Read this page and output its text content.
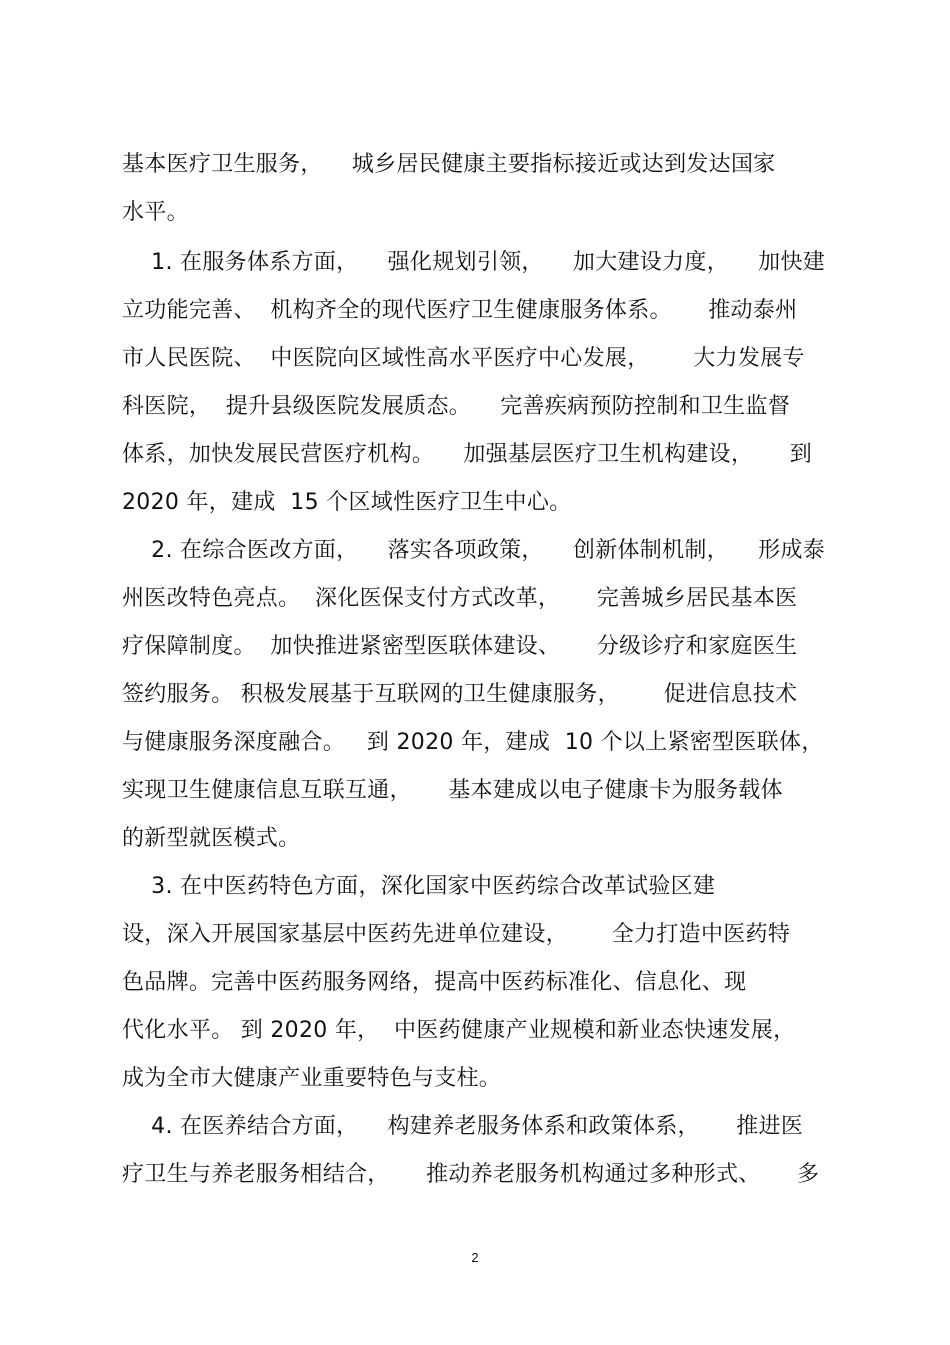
基本医疗卫生服务，    城乡居民健康主要指标接近或达到发达国家
水平。
1. 在服务体系方面，    强化规划引领，    加大建设力度，    加快建
立功能完善、  机构齐全的现代医疗卫生健康服务体系。     推动泰州
市人民医院、  中医院向区域性高水平医疗中心发展，      大力发展专
科医院，  提升县级医院发展质态。    完善疾病预防控制和卫生监督
体系，加快发展民营医疗机构。    加强基层医疗卫生机构建设，     到
2020 年，建成  15 个区域性医疗卫生中心。
2. 在综合医改方面，    落实各项政策，    创新体制机制，    形成泰
州医改特色亮点。  深化医保支付方式改革，     完善城乡居民基本医
疗保障制度。  加快推进紧密型医联体建设、     分级诊疗和家庭医生
签约服务。 积极发展基于互联网的卫生健康服务，      促进信息技术
与健康服务深度融合。   到 2020 年，建成  10 个以上紧密型医联体，
实现卫生健康信息互联互通，     基本建成以电子健康卡为服务载体
的新型就医模式。
3. 在中医药特色方面，深化国家中医药综合改革试验区建
设，深入开展国家基层中医药先进单位建设，      全力打造中医药特
色品牌。完善中医药服务网络，提高中医药标准化、信息化、现
代化水平。 到 2020 年，  中医药健康产业规模和新业态快速发展，
成为全市大健康产业重要特色与支柱。
4. 在医养结合方面，    构建养老服务体系和政策体系，     推进医
疗卫生与养老服务相结合，     推动养老服务机构通过多种形式、     多
2
